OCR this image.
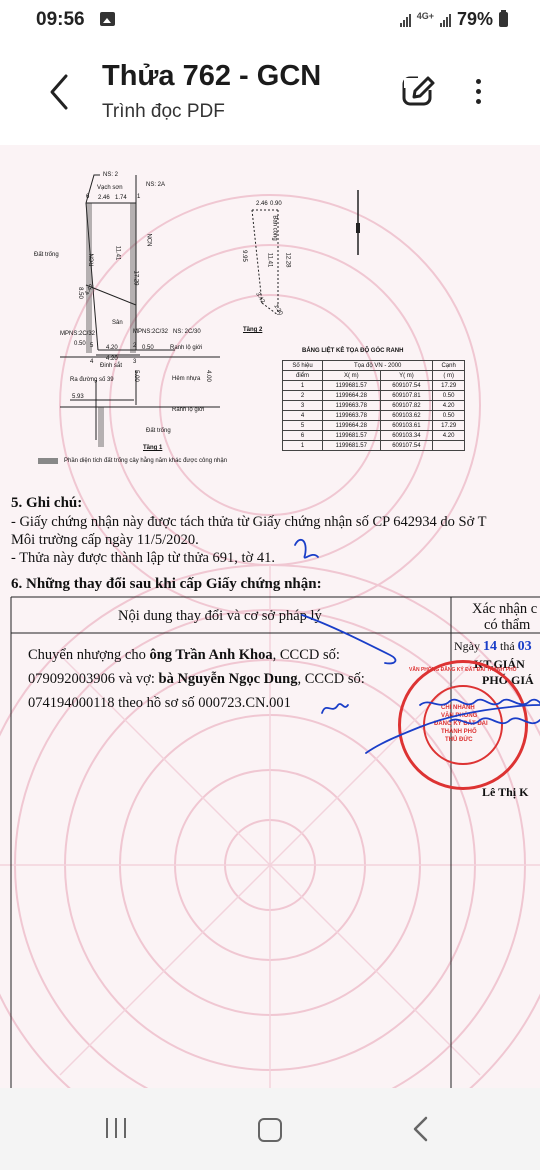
09:56	4G+ 79%
Thửa 762 - GCN
Trình đọc PDF
NS: 2
NS: 2A
Vạch sơn
6	1
2.46 1.74
Đất trống	RCN	11.41
NCN
17.29
4.42
8.50
Sân
MPNS:2C/32	MPNS:2C/32 NS: 2C/30
0.50 5
4
4.20	2
3
0.50	Ranh lộ giới
Đinh sắt
4.20
Ra đường số 39	Hẻm nhựa
5.00	4.00
5.93
Ranh lộ giới
Đất trống
Tầng 1
Phần diện tích đất trống cây hằng năm khác được công nhận
2.46 0.90
Ban công
11.41
9.95	12.28
3.42
1.30
Tầng 2
BẢNG LIỆT KÊ TỌA ĐỘ GÓC RANH
Số hiệu	Tọa độ VN - 2000		Cạnh
điểm	X( m)	Y( m)	( m)
1	1199681.57	609107.54	17.29
2	1199664.28	609107.81	0.50
3	1199663.78	609107.82	4.20
4	1199663.78	609103.62	0.50
5	1199664.28	609103.61	17.29
6	1199681.57	609103.34	4.20
1	1199681.57	609107.54	
5. Ghi chú:
- Giấy chứng nhận này được tách thửa từ Giấy chứng nhận số CP 642934 do Sở T
Môi trường cấp ngày 11/5/2020.
- Thửa này được thành lập từ thửa 691, tờ 41.
6. Những thay đổi sau khi cấp Giấy chứng nhận:
Nội dung thay đổi và cơ sở pháp lý	Xác nhận c
có thẩm
Chuyển nhượng cho ông Trần Anh Khoa, CCCD số:
079092003906 và vợ: bà Nguyễn Ngọc Dung, CCCD số:
074194000118 theo hồ sơ số 000723.CN.001
Ngày 14 thá 03
KT.GIÁN
PHÓ GIÁ
VĂN PHÒNG ĐĂNG KÝ ĐẤT ĐAI THÀNH PHỐ
CHI NHÁNH
VĂN PHÒNG
ĐĂNG KÝ ĐẤT ĐAI
THÀNH PHỐ
THỦ ĐỨC
Lê Thị K
